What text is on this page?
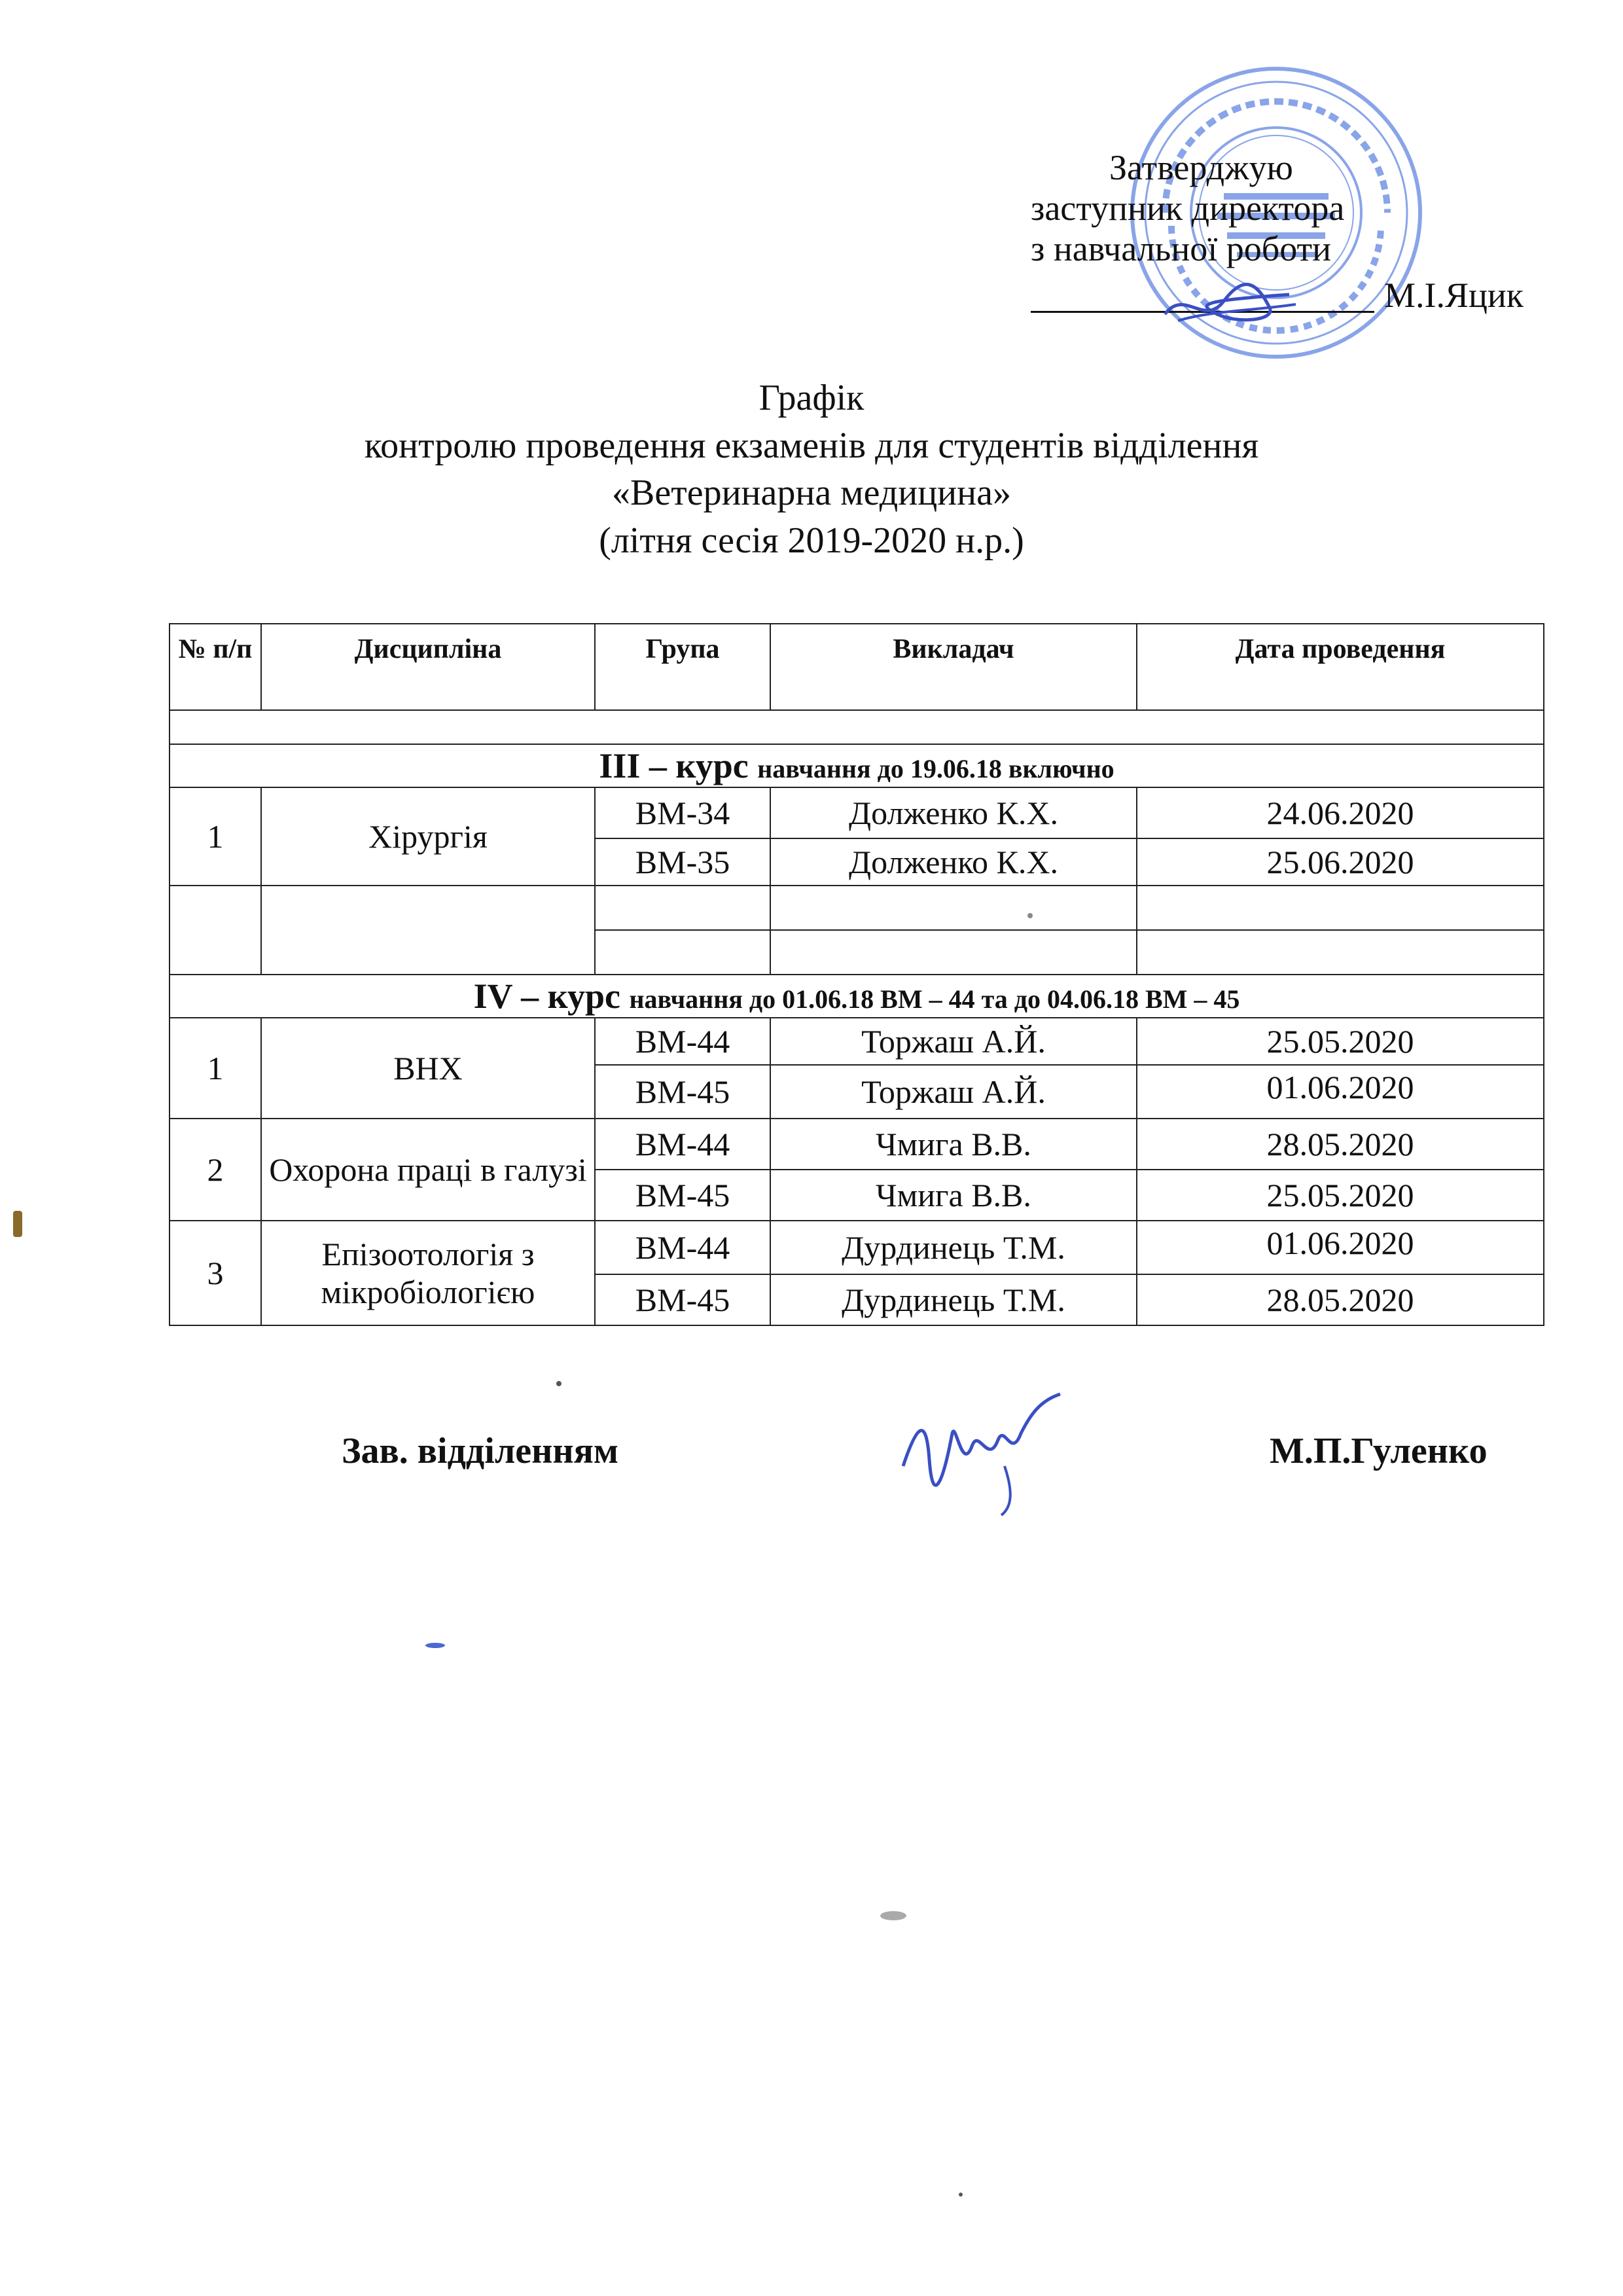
Затверджую
заступник директора
з навчальної роботи
М.І.Яцик
Графік
контролю проведення екзаменів для студентів відділення
«Ветеринарна медицина»
(літня сесія 2019-2020 н.р.)
№ п/п	Дисципліна	Група	Викладач	Дата проведення

ІІІ – курс навчання до 19.06.18 включно				
1	Хірургія	ВМ-34	Долженко К.Х.	24.06.2020
		ВМ-35	Долженко К.Х.	25.06.2020

ІV – курс навчання до 01.06.18 ВМ – 44 та до 04.06.18 ВМ – 45				
1	ВНХ	ВМ-44	Торжаш А.Й.	25.05.2020
		ВМ-45	Торжаш А.Й.	01.06.2020
2	Охорона праці в галузі	ВМ-44	Чмига В.В.	28.05.2020
		ВМ-45	Чмига В.В.	25.05.2020
3	Епізоотологія з мікробіологією	ВМ-44	Дурдинець Т.М.	01.06.2020
		ВМ-45	Дурдинець Т.М.	28.05.2020
Зав. відділенням	М.П.Гуленко
